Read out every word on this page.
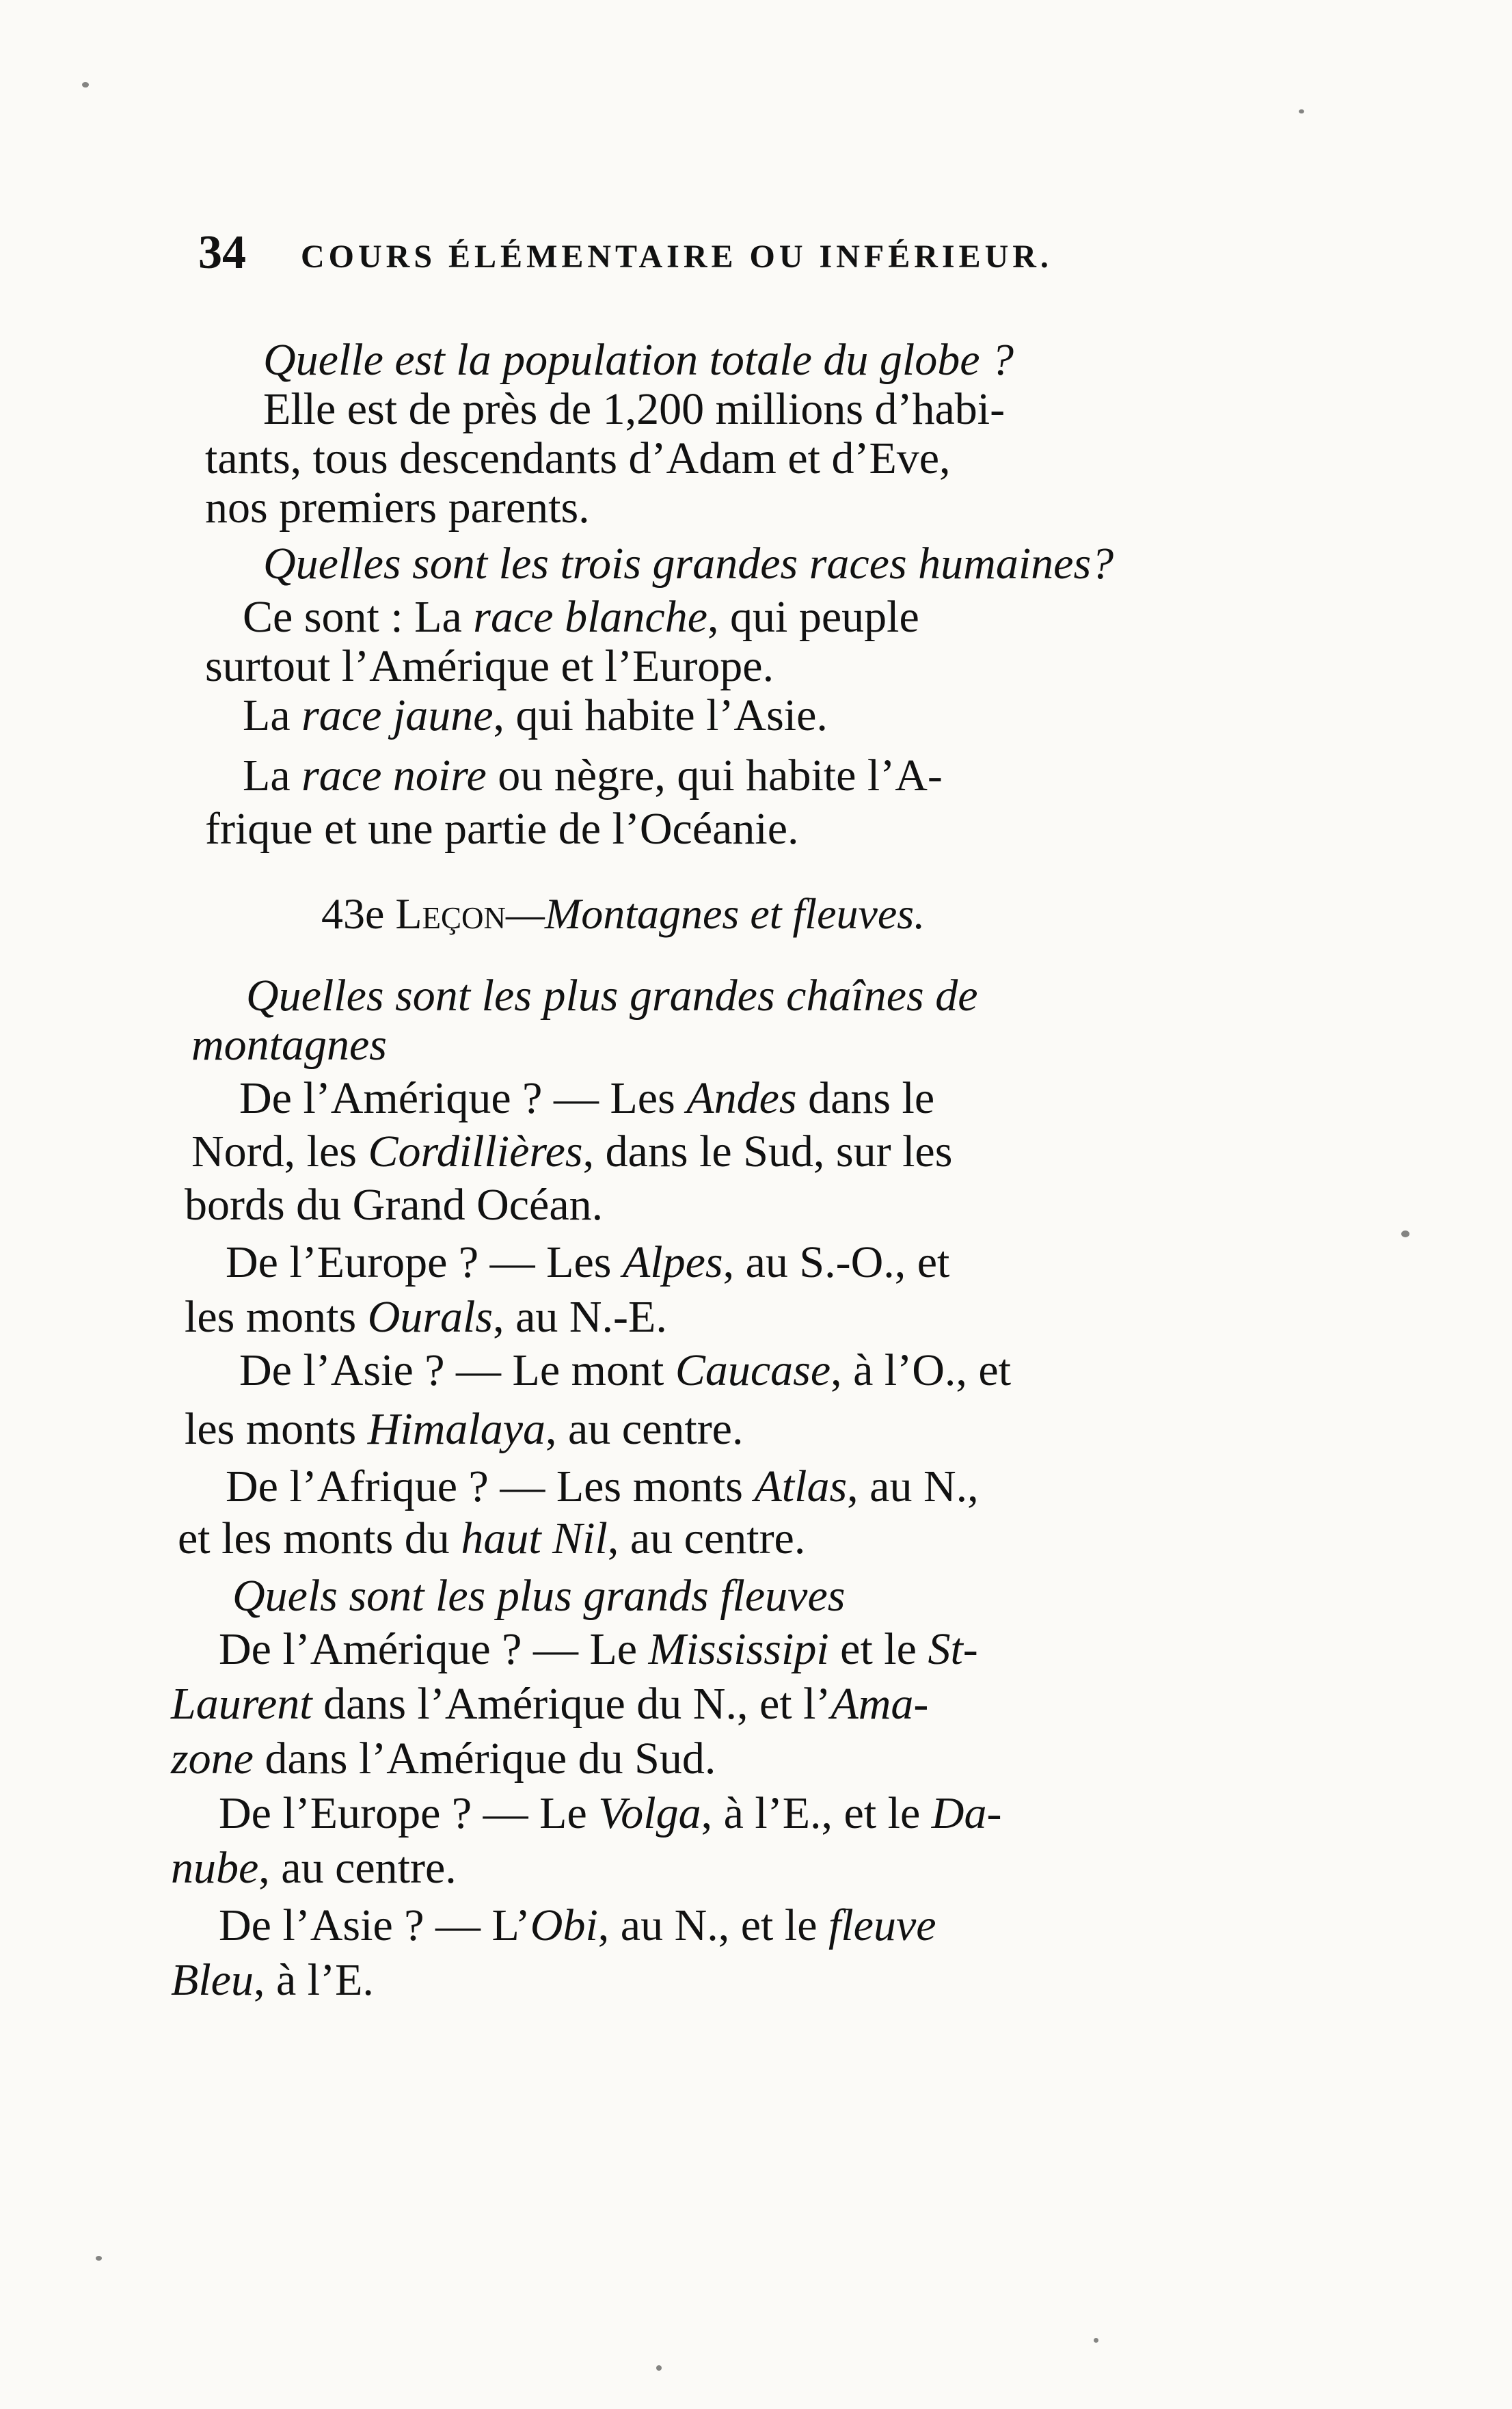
34 COURS ÉLÉMENTAIRE OU INFÉRIEUR.
Quelle est la population totale du globe ?
Elle est de près de 1,200 millions d’habi-
tants, tous descendants d’Adam et d’Eve,
nos premiers parents.
Quelles sont les trois grandes races humaines?
Ce sont : La race blanche, qui peuple
surtout l’Amérique et l’Europe.
La race jaune, qui habite l’Asie.
La race noire ou nègre, qui habite l’A-
frique et une partie de l’Océanie.
43e Leçon—Montagnes et fleuves.
Quelles sont les plus grandes chaînes de
montagnes
De l’Amérique ? — Les Andes dans le
Nord, les Cordillières, dans le Sud, sur les
bords du Grand Océan.
De l’Europe ? — Les Alpes, au S.-O., et
les monts Ourals, au N.-E.
De l’Asie ? — Le mont Caucase, à l’O., et
les monts Himalaya, au centre.
De l’Afrique ? — Les monts Atlas, au N.,
et les monts du haut Nil, au centre.
Quels sont les plus grands fleuves
De l’Amérique ? — Le Mississipi et le St-
Laurent dans l’Amérique du N., et l’Ama-
zone dans l’Amérique du Sud.
De l’Europe ? — Le Volga, à l’E., et le Da-
nube, au centre.
De l’Asie ? — L’Obi, au N., et le fleuve
Bleu, à l’E.
